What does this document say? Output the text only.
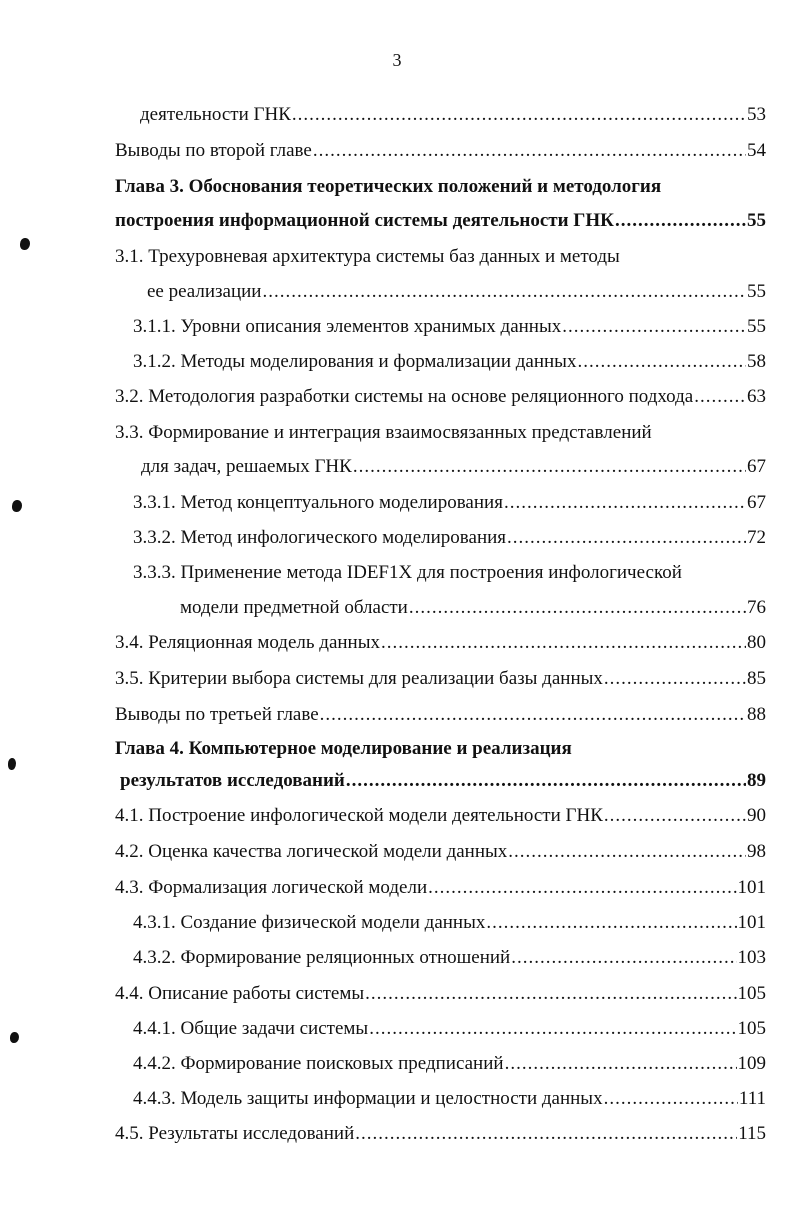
3
деятельности ГНК .....	53
Выводы по второй главе .....	54
Глава 3. Обоснования теоретических положений и методология
построения информационной системы деятельности ГНК .....	55
3.1. Трехуровневая архитектура системы баз данных и методы
ее реализации .....	55
3.1.1. Уровни описания элементов хранимых данных .....	55
3.1.2. Методы моделирования и формализации данных .....	58
3.2. Методология разработки системы на основе реляционного подхода .....	63
3.3. Формирование и интеграция взаимосвязанных представлений
для задач, решаемых ГНК .....	67
3.3.1. Метод концептуального моделирования .....	67
3.3.2. Метод инфологического моделирования .....	72
3.3.3. Применение метода IDEF1X для построения инфологической
модели предметной области .....	76
3.4. Реляционная модель данных .....	80
3.5. Критерии выбора системы для реализации базы данных .....	85
Выводы по третьей главе .....	88
Глава 4. Компьютерное моделирование и реализация
результатов исследований .....	89
4.1. Построение инфологической модели деятельности ГНК .....	90
4.2. Оценка качества логической модели данных .....	98
4.3. Формализация логической модели .....	101
4.3.1. Создание физической модели данных .....	101
4.3.2. Формирование реляционных отношений .....	103
4.4. Описание работы системы .....	105
4.4.1. Общие задачи системы .....	105
4.4.2. Формирование поисковых предписаний .....	109
4.4.3. Модель защиты информации и целостности данных .....	111
4.5. Результаты исследований .....	115
